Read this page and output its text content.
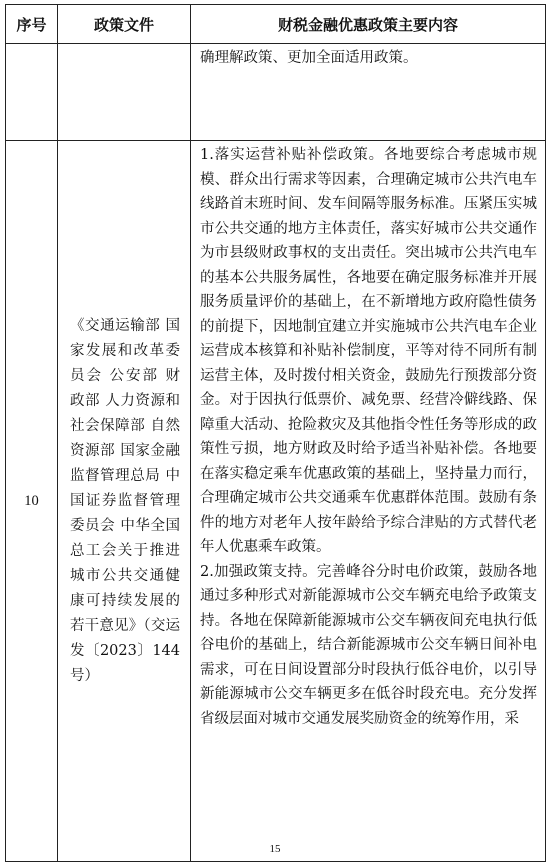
序号	政策文件	财税金融优惠政策主要内容

		确理解政策、更加全面适用政策。

10	《交通运输部 国家发展和改革委员会 公安部 财政部 人力资源和社会保障部 自然资源部 国家金融监督管理总局 中国证券监督管理委员会 中华全国总工会关于推进城市公共交通健康可持续发展的若干意见》（交运发〔2023〕144 号）	1.落实运营补贴补偿政策。各地要综合考虑城市规模、群众出行需求等因素，合理确定城市公共汽电车线路首末班时间、发车间隔等服务标准。压紧压实城市公共交通的地方主体责任，落实好城市公共交通作为市县级财政事权的支出责任。突出城市公共汽电车的基本公共服务属性，各地要在确定服务标准并开展服务质量评价的基础上，在不新增地方政府隐性债务的前提下，因地制宜建立并实施城市公共汽电车企业运营成本核算和补贴补偿制度，平等对待不同所有制运营主体，及时拨付相关资金，鼓励先行预拨部分资金。对于因执行低票价、减免票、经营冷僻线路、保障重大活动、抢险救灾及其他指令性任务等形成的政策性亏损，地方财政及时给予适当补贴补偿。各地要在落实稳定乘车优惠政策的基础上，坚持量力而行，合理确定城市公共交通乘车优惠群体范围。鼓励有条件的地方对老年人按年龄给予综合津贴的方式替代老年人优惠乘车政策。

2.加强政策支持。完善峰谷分时电价政策，鼓励各地通过多种形式对新能源城市公交车辆充电给予政策支持。各地在保障新能源城市公交车辆夜间充电执行低谷电价的基础上，结合新能源城市公交车辆日间补电需求，可在日间设置部分时段执行低谷电价，以引导新能源城市公交车辆更多在低谷时段充电。充分发挥省级层面对城市交通发展奖励资金的统筹作用，采

15
